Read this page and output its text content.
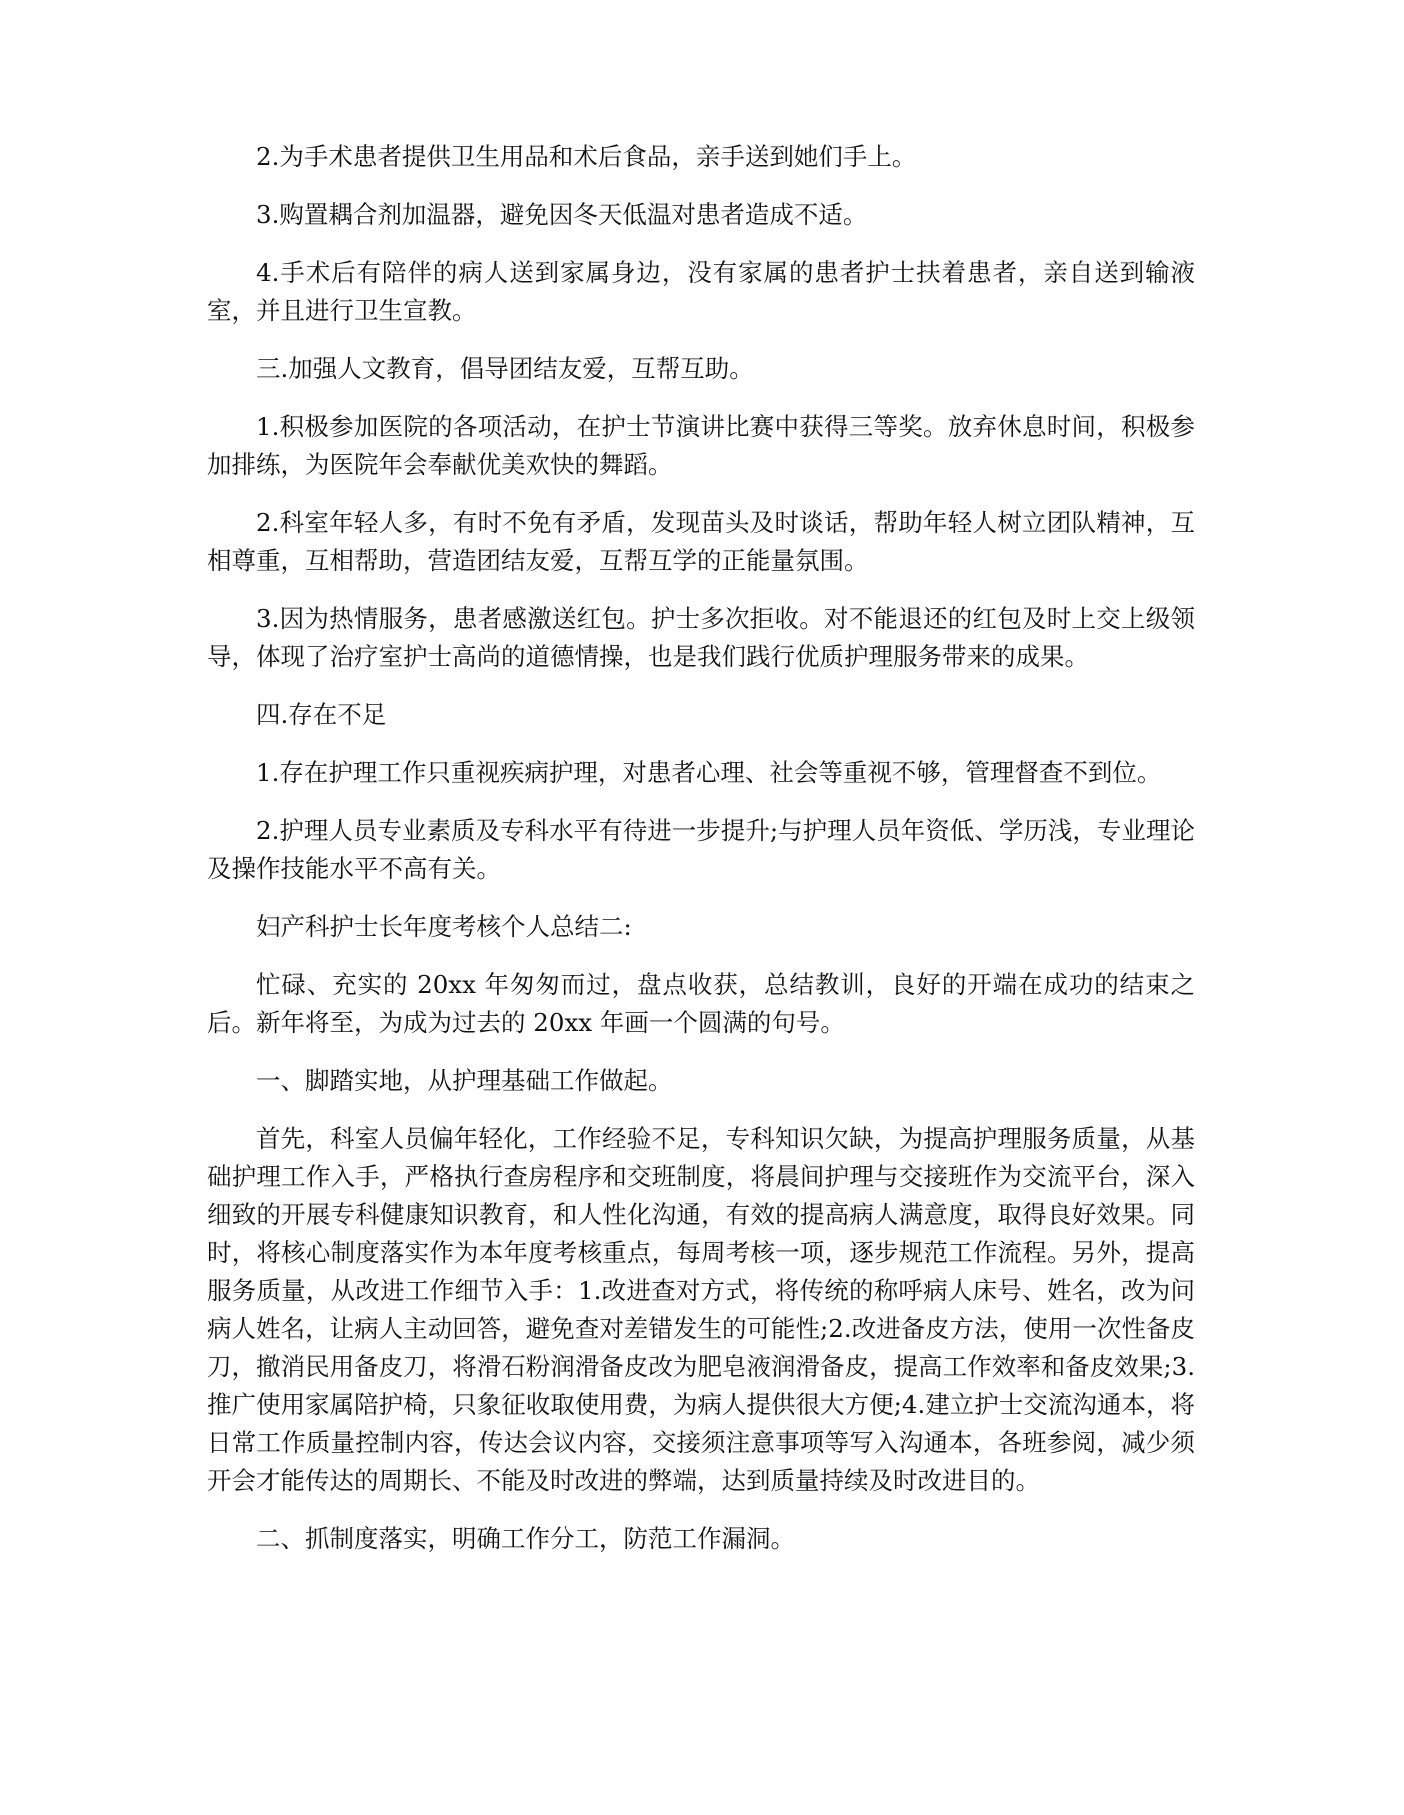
2.为手术患者提供卫生用品和术后食品，亲手送到她们手上。

3.购置耦合剂加温器，避免因冬天低温对患者造成不适。

4.手术后有陪伴的病人送到家属身边，没有家属的患者护士扶着患者，亲自送到输液室，并且进行卫生宣教。

三.加强人文教育，倡导团结友爱，互帮互助。

1.积极参加医院的各项活动，在护士节演讲比赛中获得三等奖。放弃休息时间，积极参加排练，为医院年会奉献优美欢快的舞蹈。

2.科室年轻人多，有时不免有矛盾，发现苗头及时谈话，帮助年轻人树立团队精神，互相尊重，互相帮助，营造团结友爱，互帮互学的正能量氛围。

3.因为热情服务，患者感激送红包。护士多次拒收。对不能退还的红包及时上交上级领导，体现了治疗室护士高尚的道德情操，也是我们践行优质护理服务带来的成果。

四.存在不足

1.存在护理工作只重视疾病护理，对患者心理、社会等重视不够，管理督查不到位。

2.护理人员专业素质及专科水平有待进一步提升;与护理人员年资低、学历浅，专业理论及操作技能水平不高有关。

妇产科护士长年度考核个人总结二:

忙碌、充实的 20xx 年匆匆而过，盘点收获，总结教训，良好的开端在成功的结束之后。新年将至，为成为过去的 20xx 年画一个圆满的句号。

一、脚踏实地，从护理基础工作做起。

首先，科室人员偏年轻化，工作经验不足，专科知识欠缺，为提高护理服务质量，从基础护理工作入手，严格执行查房程序和交班制度，将晨间护理与交接班作为交流平台，深入细致的开展专科健康知识教育，和人性化沟通，有效的提高病人满意度，取得良好效果。同时，将核心制度落实作为本年度考核重点，每周考核一项，逐步规范工作流程。另外，提高服务质量，从改进工作细节入手：1.改进查对方式，将传统的称呼病人床号、姓名，改为问病人姓名，让病人主动回答，避免查对差错发生的可能性;2.改进备皮方法，使用一次性备皮刀，撤消民用备皮刀，将滑石粉润滑备皮改为肥皂液润滑备皮，提高工作效率和备皮效果;3.推广使用家属陪护椅，只象征收取使用费，为病人提供很大方便;4.建立护士交流沟通本，将日常工作质量控制内容，传达会议内容，交接须注意事项等写入沟通本，各班参阅，减少须开会才能传达的周期长、不能及时改进的弊端，达到质量持续及时改进目的。

二、抓制度落实，明确工作分工，防范工作漏洞。
